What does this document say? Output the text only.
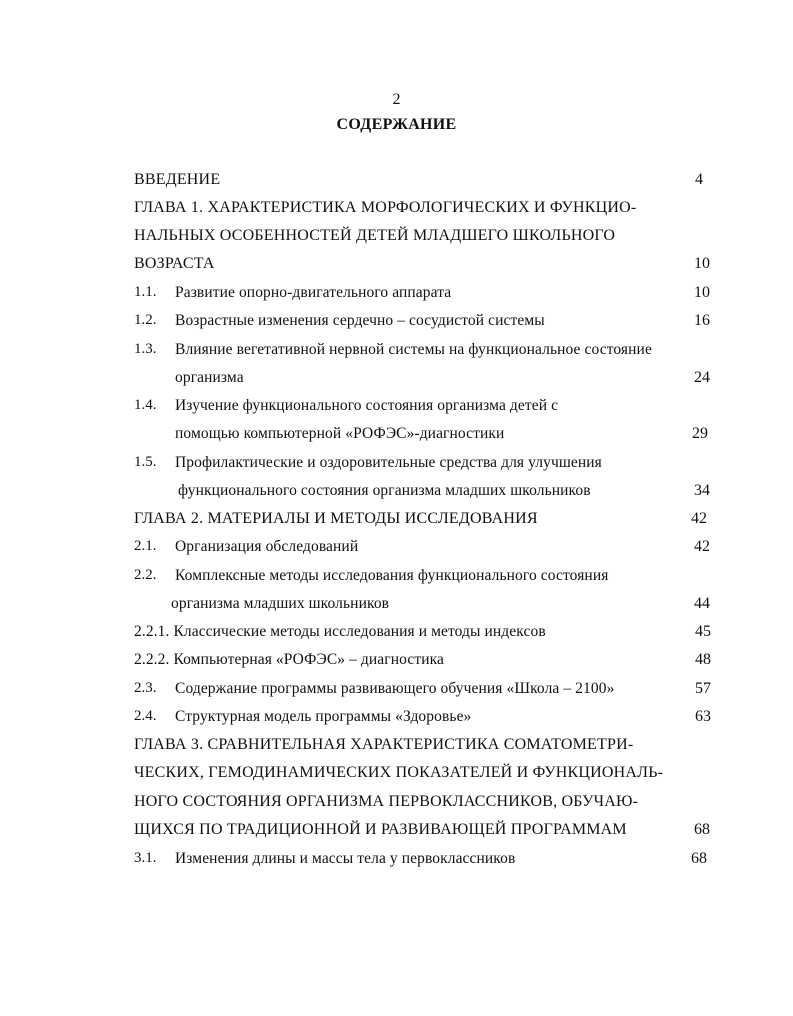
2
СОДЕРЖАНИЕ
ВВЕДЕНИЕ	4
ГЛАВА 1. ХАРАКТЕРИСТИКА МОРФОЛОГИЧЕСКИХ И ФУНКЦИО-
НАЛЬНЫХ ОСОБЕННОСТЕЙ ДЕТЕЙ МЛАДШЕГО ШКОЛЬНОГО
ВОЗРАСТА	10
1.1. Развитие опорно-двигательного аппарата	10
1.2. Возрастные изменения сердечно – сосудистой системы	16
1.3. Влияние вегетативной нервной системы на функциональное состояние
организма	24
1.4. Изучение функционального состояния организма детей с
помощью компьютерной «РОФЭС»-диагностики	29
1.5. Профилактические и оздоровительные средства для улучшения
функционального состояния организма младших школьников	34
ГЛАВА 2. МАТЕРИАЛЫ И МЕТОДЫ ИССЛЕДОВАНИЯ	42
2.1. Организация обследований	42
2.2. Комплексные методы исследования функционального состояния
организма младших школьников	44
2.2.1. Классические методы исследования и методы индексов	45
2.2.2. Компьютерная «РОФЭС» – диагностика	48
2.3. Содержание программы развивающего обучения «Школа – 2100»	57
2.4. Структурная модель программы «Здоровье»	63
ГЛАВА 3. СРАВНИТЕЛЬНАЯ ХАРАКТЕРИСТИКА СОМАТОМЕТРИ-
ЧЕСКИХ, ГЕМОДИНАМИЧЕСКИХ ПОКАЗАТЕЛЕЙ И ФУНКЦИОНАЛЬ-
НОГО СОСТОЯНИЯ ОРГАНИЗМА ПЕРВОКЛАССНИКОВ, ОБУЧАЮ-
ЩИХСЯ ПО ТРАДИЦИОННОЙ И РАЗВИВАЮЩЕЙ ПРОГРАММАМ	68
3.1. Изменения длины и массы тела у первоклассников	68
